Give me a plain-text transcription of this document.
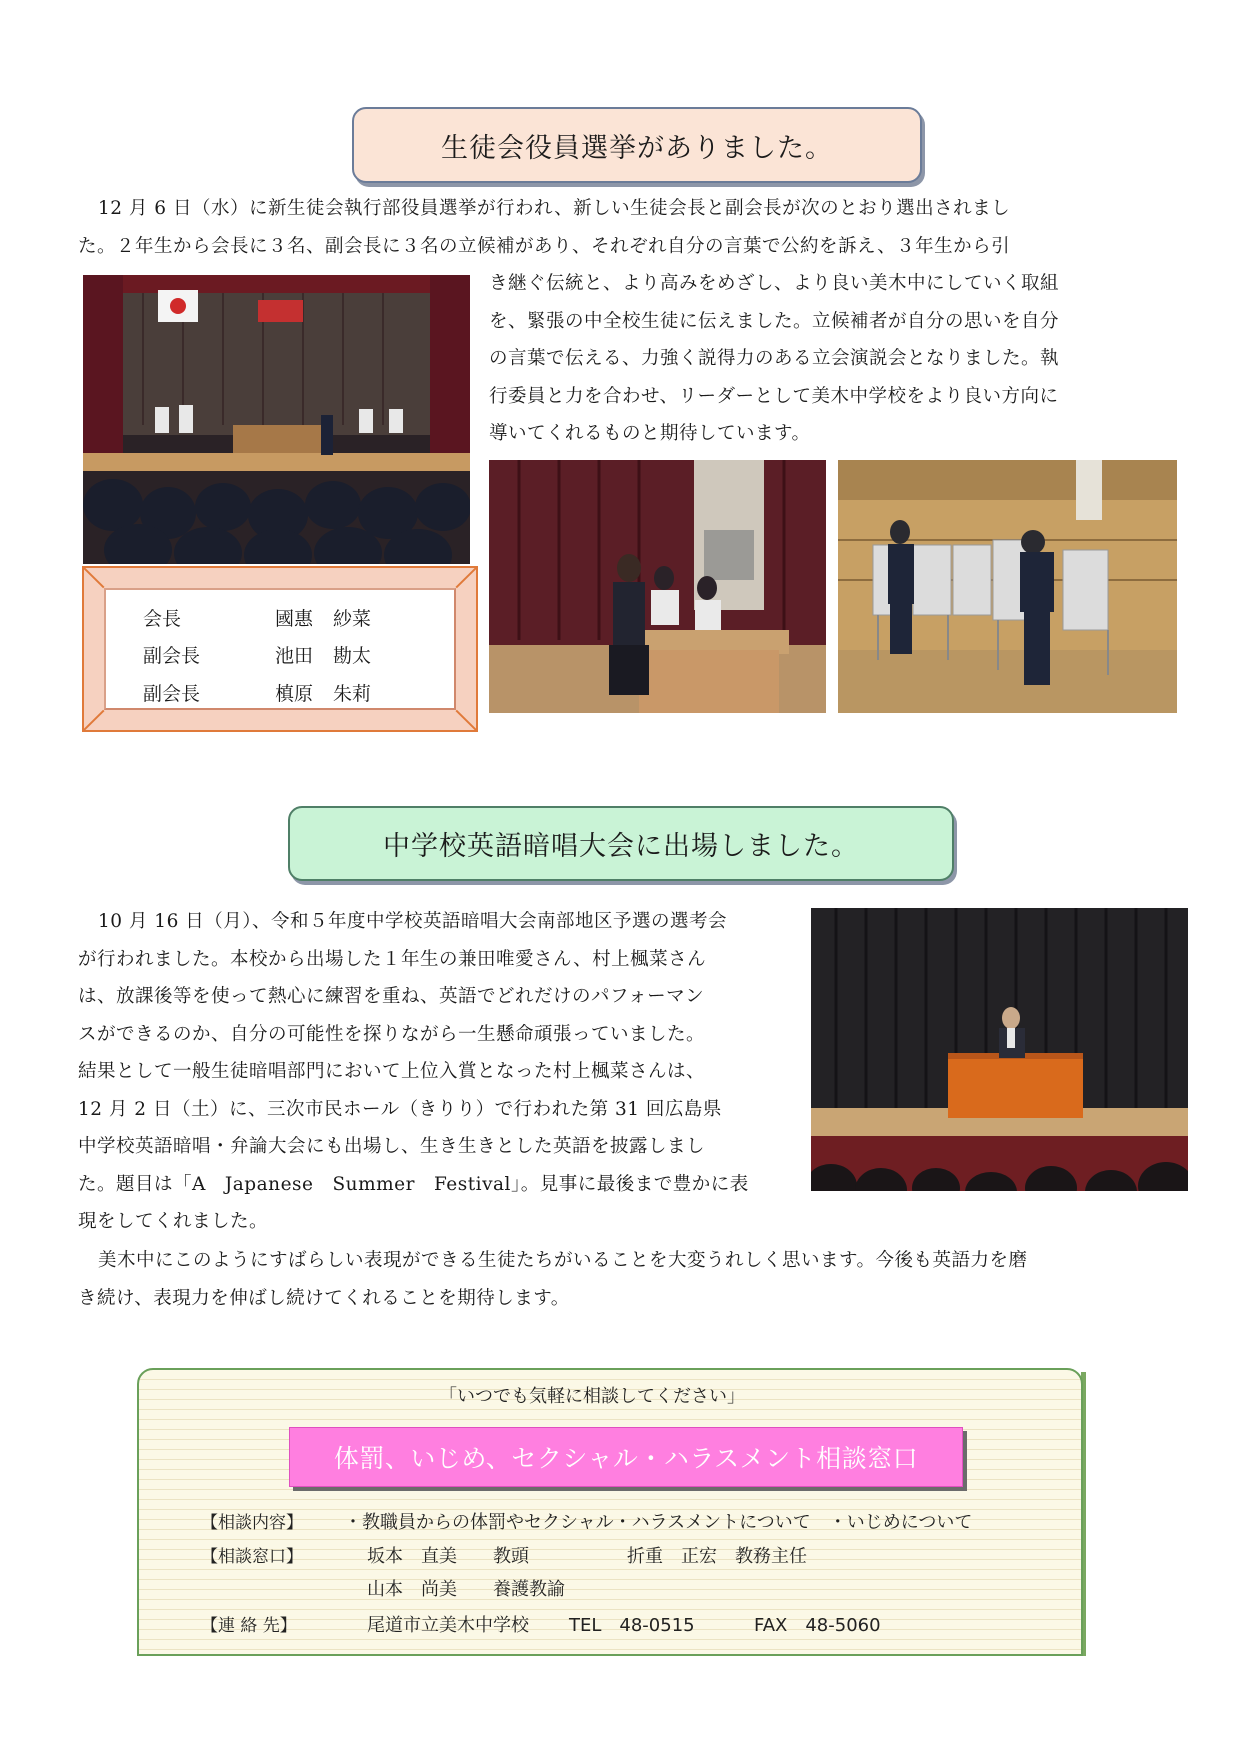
生徒会役員選挙がありました。

12 月 6 日（水）に新生徒会執行部役員選挙が行われ、新しい生徒会長と副会長が次のとおり選出されまし

た。２年生から会長に３名、副会長に３名の立候補があり、それぞれ自分の言葉で公約を訴え、３年生から引

き継ぐ伝統と、より高みをめざし、より良い美木中にしていく取組

を、緊張の中全校生徒に伝えました。立候補者が自分の思いを自分

の言葉で伝える、力強く説得力のある立会演説会となりました。執

行委員と力を合わせ、リーダーとして美木中学校をより良い方向に

導いてくれるものと期待しています。

会長	國惠	紗菜
副会長	池田	勘太
副会長	槙原	朱莉
中学校英語暗唱大会に出場しました。

10 月 16 日（月）、令和５年度中学校英語暗唱大会南部地区予選の選考会

が行われました。本校から出場した１年生の兼田唯愛さん、村上楓菜さん

は、放課後等を使って熱心に練習を重ね、英語でどれだけのパフォーマン

スができるのか、自分の可能性を探りながら一生懸命頑張っていました。

結果として一般生徒暗唱部門において上位入賞となった村上楓菜さんは、

12 月 2 日（土）に、三次市民ホール（きりり）で行われた第 31 回広島県

中学校英語暗唱・弁論大会にも出場し、生き生きとした英語を披露しまし

た。題目は「A　Japanese　Summer　Festival」。見事に最後まで豊かに表

現をしてくれました。

美木中にこのようにすばらしい表現ができる生徒たちがいることを大変うれしく思います。今後も英語力を磨

き続け、表現力を伸ばし続けてくれることを期待します。

「いつでも気軽に相談してください」
【相談内容】 ・教職員からの体罰やセクシャル・ハラスメントについて　・いじめについて
【相談窓口】	坂本　直美　　教頭	折重　正宏　教務主任
山本　尚美　　養護教諭
【連 絡 先】	尾道市立美木中学校 TEL　48-0515	FAX　48-5060
体罰、いじめ、セクシャル・ハラスメント相談窓口
